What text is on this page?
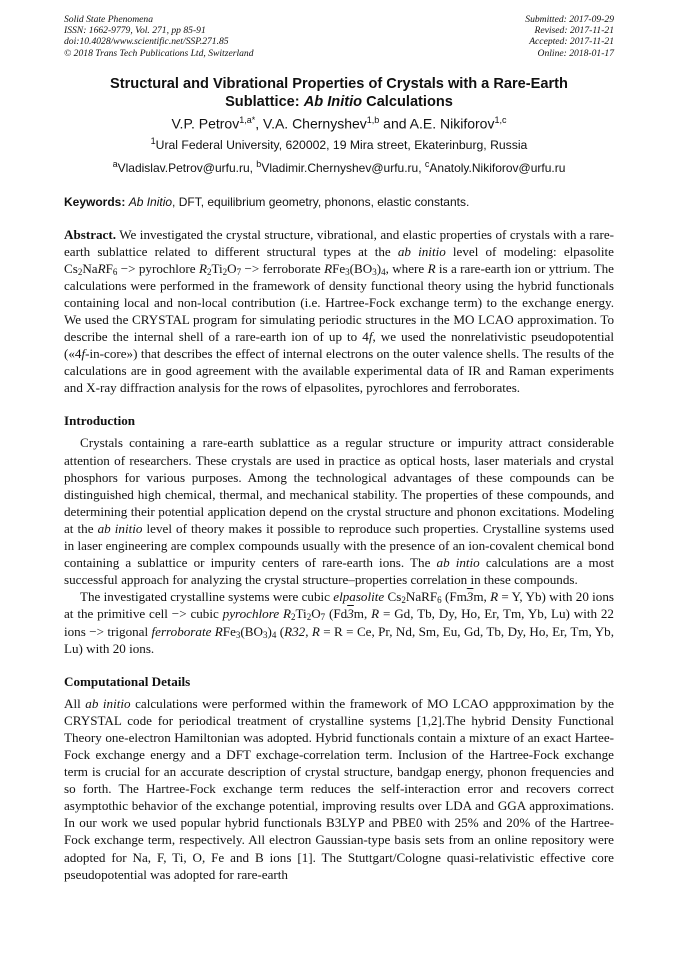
Solid State Phenomena
ISSN: 1662-9779, Vol. 271, pp 85-91
doi:10.4028/www.scientific.net/SSP.271.85
© 2018 Trans Tech Publications Ltd, Switzerland
Submitted: 2017-09-29
Revised: 2017-11-21
Accepted: 2017-11-21
Online: 2018-01-17
Structural and Vibrational Properties of Crystals with a Rare-Earth
Sublattice: Ab Initio Calculations
V.P. Petrov$^{1,a*}$, V.A. Chernyshev$^{1,b}$ and A.E. Nikiforov$^{1,c}$
$^1$Ural Federal University, 620002, 19 Mira street, Ekaterinburg, Russia
$^a$Vladislav.Petrov@urfu.ru, $^b$Vladimir.Chernyshev@urfu.ru, $^c$Anatoly.Nikiforov@urfu.ru
Keywords: Ab Initio, DFT, equilibrium geometry, phonons, elastic constants.

Abstract. We investigated the crystal structure, vibrational, and elastic properties of crystals with a rare-earth sublattice related to different structural types at the ab initio level of modeling: elpasolite $Cs_2NaRF_6$ −> pyrochlore $R_2Ti_2O_7$ −> ferroborate $RFe_3(BO_3)_4$, where R is a rare-earth ion or yttrium. The calculations were performed in the framework of density functional theory using the hybrid functionals containing local and non-local contribution (i.e. Hartree-Fock exchange term) to the exchange energy. We used the CRYSTAL program for simulating periodic structures in the MO LCAO approximation. To describe the internal shell of a rare-earth ion of up to 4f, we used the nonrelativistic pseudopotential («4f-in-core») that describes the effect of internal electrons on the outer valence shells. The results of the calculations are in good agreement with the available experimental data of IR and Raman experiments and X-ray diffraction analysis for the rows of elpasolites, pyrochlores and ferroborates.

Introduction

Crystals containing a rare-earth sublattice as a regular structure or impurity attract considerable attention of researchers. These crystals are used in practice as optical hosts, laser materials and crystal phosphors for various purposes. Among the technological advantages of these compounds can be distinguished high chemical, thermal, and mechanical stability. The properties of these compounds, and determining their potential application depend on the crystal structure and phonon excitations. Modeling at the ab initio level of theory makes it possible to reproduce such properties. Crystalline systems used in laser engineering are complex compounds usually with the presence of an ion-covalent chemical bond containing a sublattice or impurity centers of rare-earth ions. The ab intio calculations are a most successful approach for analyzing the crystal structure–properties correlation in these compounds.

The investigated crystalline systems were cubic elpasolite $Cs_2NaRF_6$ (Fm3m, R = Y, Yb) with 20 ions at the primitive cell −> cubic pyrochlore $R_2Ti_2O_7$ (Fd3m, R = Gd, Tb, Dy, Ho, Er, Tm, Yb, Lu) with 22 ions −> trigonal ferroborate $RFe_3(BO_3)_4$ (R32, R = R = Ce, Pr, Nd, Sm, Eu, Gd, Tb, Dy, Ho, Er, Tm, Yb, Lu) with 20 ions.

Computational Details

All ab initio calculations were performed within the framework of MO LCAO appproximation by the CRYSTAL code for periodical treatment of crystalline systems [1,2].The hybrid Density Functional Theory one-electron Hamiltonian was adopted. Hybrid functionals contain a mixture of an exact Hartee-Fock exchange energy and a DFT exchage-correlation term. Inclusion of the Hartree-Fock exchange term is crucial for an accurate description of crystal structure, bandgap energy, phonon frequencies and so forth. The Hartree-Fock exchange term reduces the self-interaction error and recovers correct asymptothic behavior of the exchange potential, improving results over LDA and GGA approximations. In our work we used popular hybrid functionals B3LYP and PBE0 with 25% and 20% of the Hartree-Fock exchange term, respectively. All electron Gaussian-type basis sets from an online repository were adopted for Na, F, Ti, O, Fe and B ions [1]. The Stuttgart/Cologne quasi-relativistic effective core pseudopotential was adopted for rare-earth
